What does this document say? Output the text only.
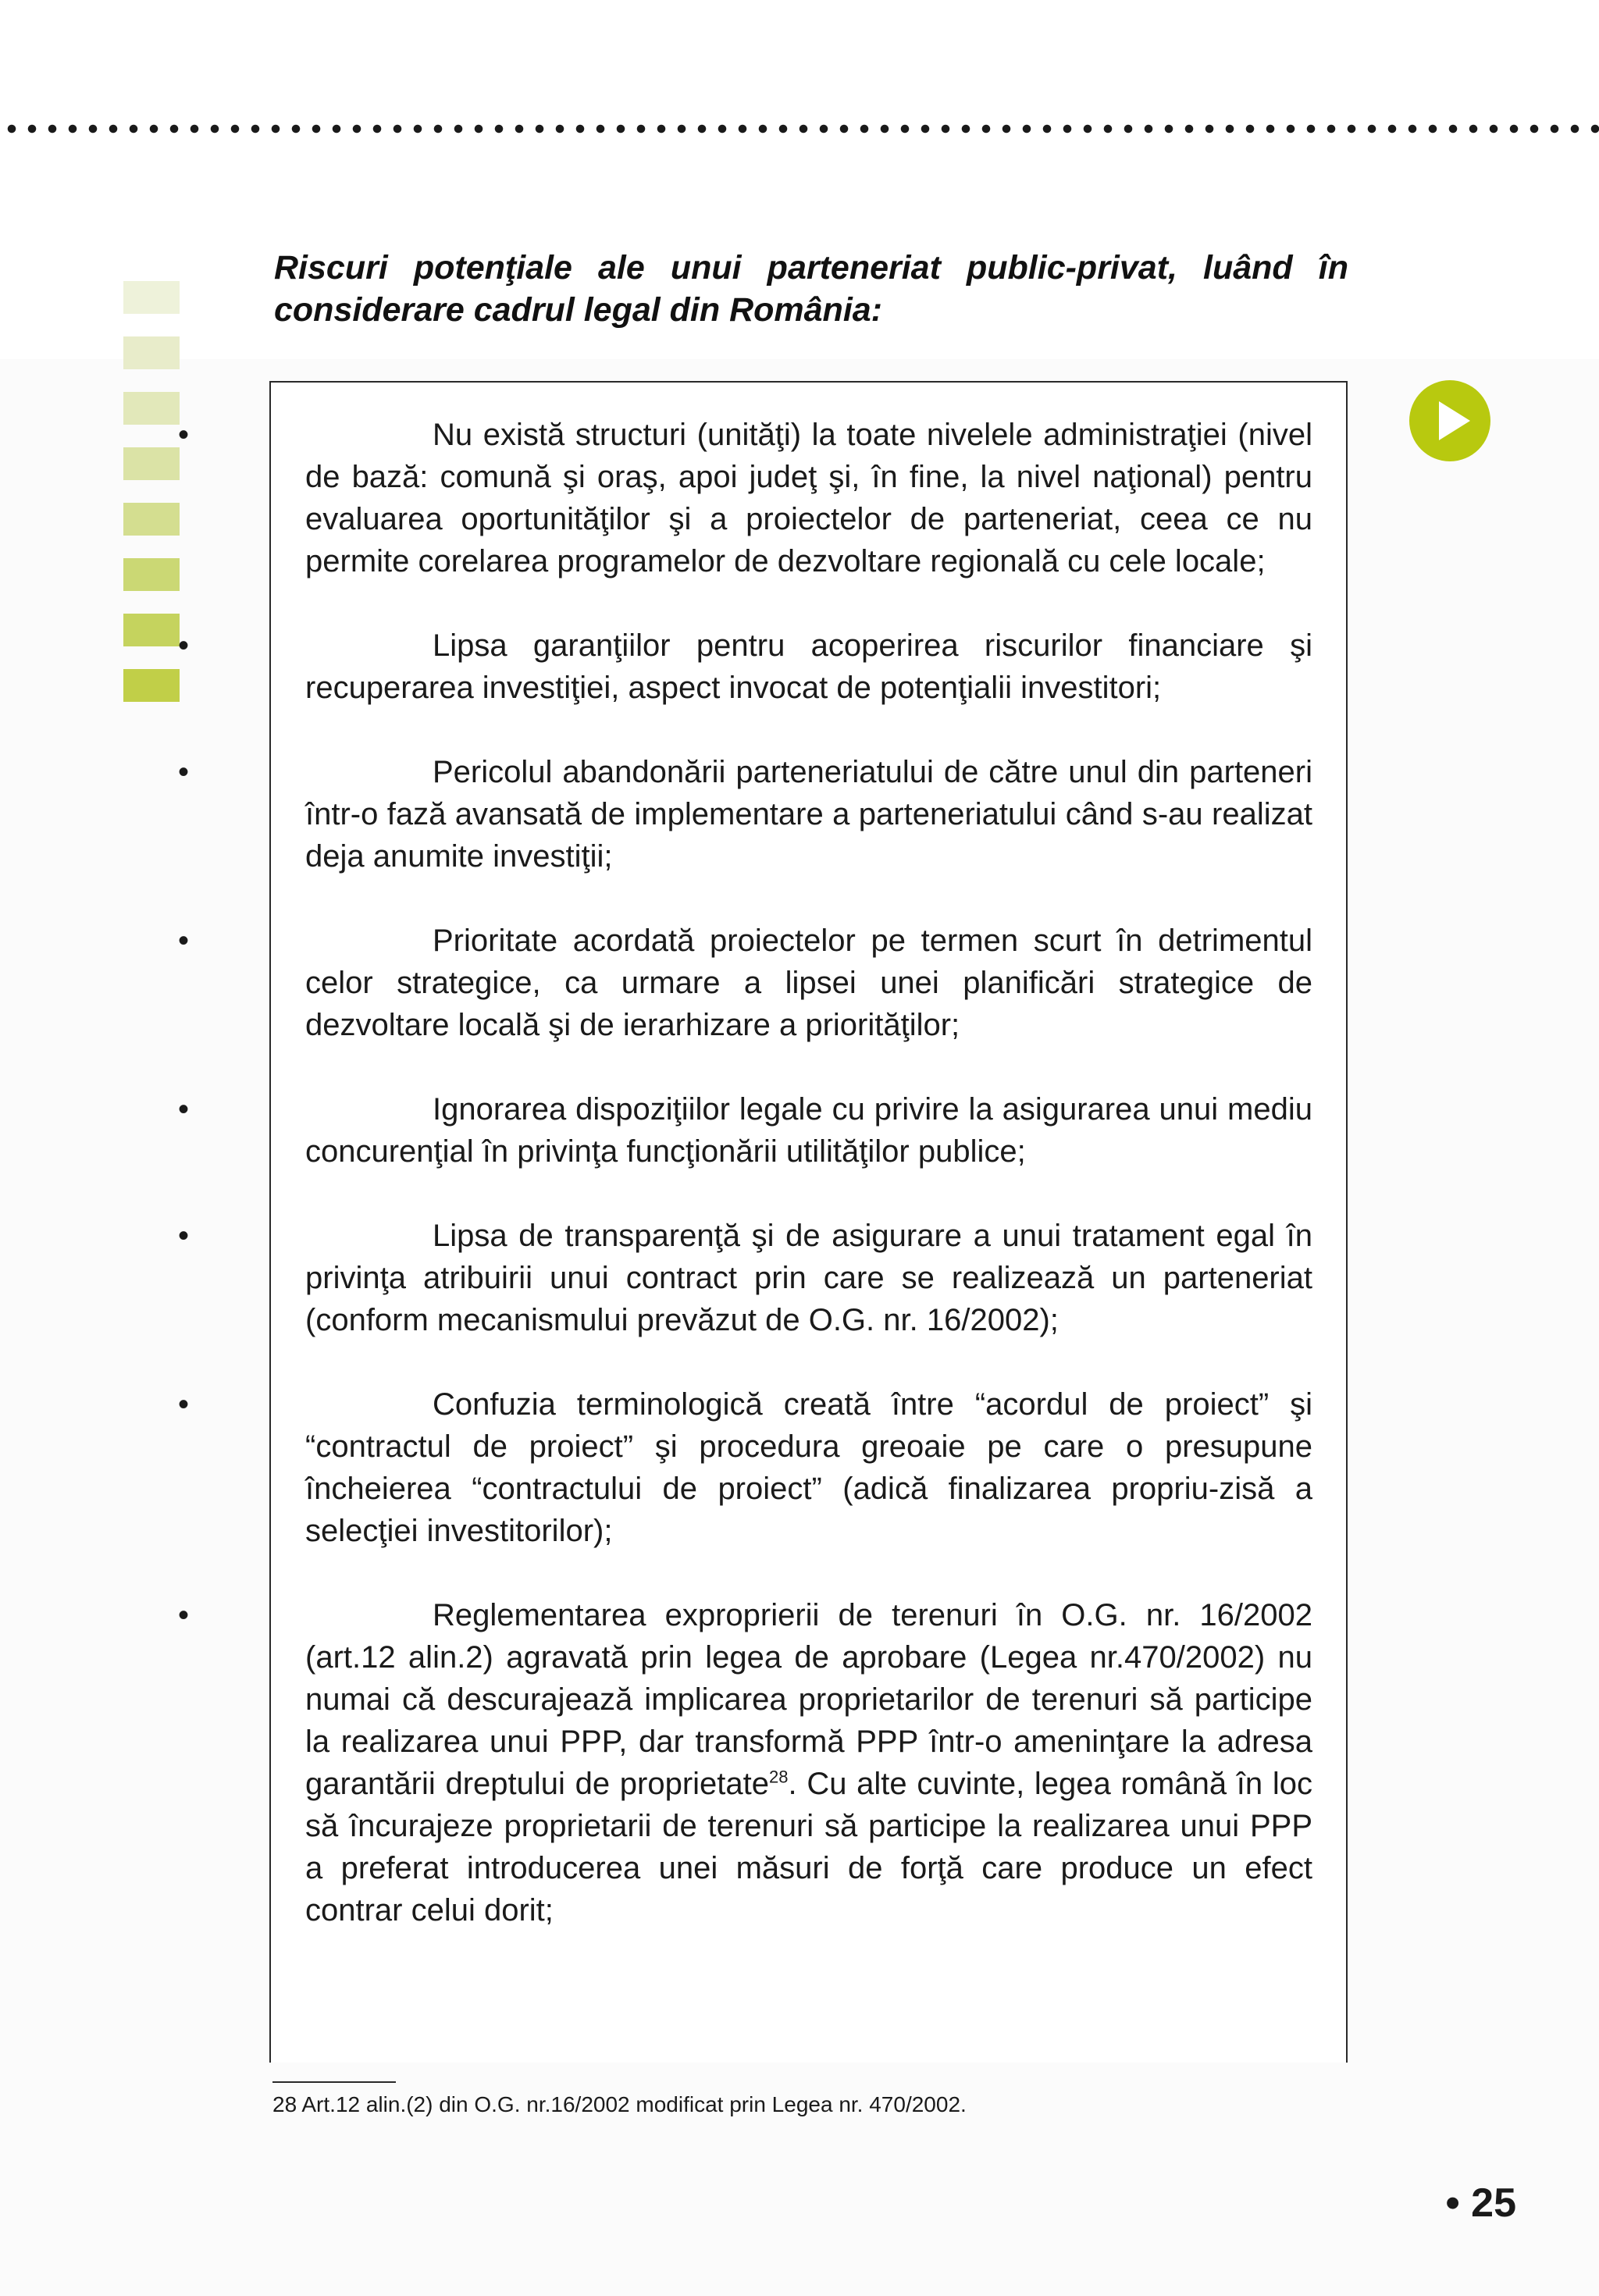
Riscuri potenţiale ale unui parteneriat public-privat, luând în considerare cadrul legal din România:

•	Nu există structuri (unităţi) la toate nivelele administraţiei (nivel de bază: comună şi oraş, apoi judeţ şi, în fine, la nivel naţional) pentru evaluarea oportunităţilor şi a proiectelor de parteneriat, ceea ce nu permite corelarea programelor de dezvoltare regională cu cele locale;
•	Lipsa garanţiilor pentru acoperirea riscurilor financiare şi recuperarea investiţiei, aspect invocat de potenţialii investitori;
•	Pericolul abandonării parteneriatului de către unul din parteneri într-o fază avansată de implementare a parteneriatului când s-au realizat deja anumite investiţii;
•	Prioritate acordată proiectelor pe termen scurt în detrimentul celor strategice, ca urmare a lipsei unei planificări strategice de dezvoltare locală şi de ierarhizare a priorităţilor;
•	Ignorarea dispoziţiilor legale cu privire la asigurarea unui mediu concurenţial în privinţa funcţionării utilităţilor publice;
•	Lipsa de transparenţă şi de asigurare a unui tratament egal în privinţa atribuirii unui contract prin care se realizează un parteneriat (conform mecanismului prevăzut de O.G. nr. 16/2002);
•	Confuzia terminologică creată între “acordul de proiect” şi “contractul de proiect” şi procedura greoaie pe care o presupune încheierea “contractului de proiect” (adică finalizarea propriu-zisă a selecţiei investitorilor);
•	Reglementarea exproprierii de terenuri în O.G. nr. 16/2002 (art.12 alin.2) agravată prin legea de aprobare (Legea nr.470/2002) nu numai că descurajează implicarea proprietarilor de terenuri să participe la realizarea unui PPP, dar transformă PPP într-o ameninţare la adresa garantării dreptului de proprietate$^{28}$. Cu alte cuvinte, legea română în loc să încurajeze proprietarii de terenuri să participe la realizarea unui PPP a preferat introducerea unei măsuri de forţă care produce un efect contrar celui dorit;

28 Art.12 alin.(2) din O.G. nr.16/2002 modificat prin Legea nr. 470/2002.

• 25
